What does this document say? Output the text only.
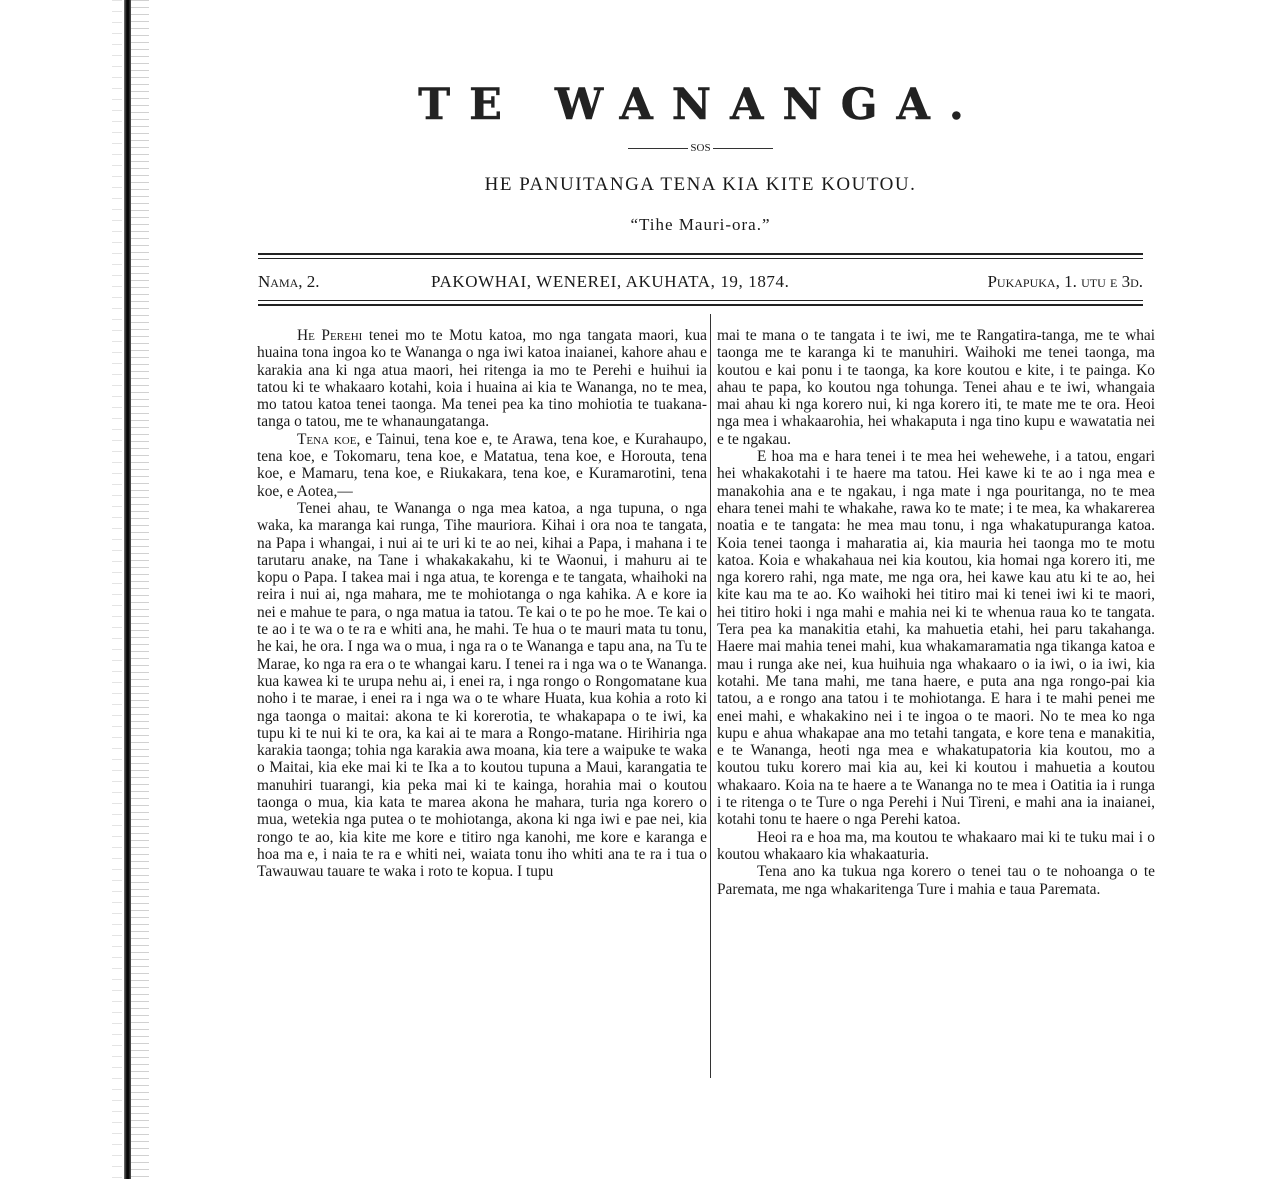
TE WANANGA.
SOS
HE PANUITANGA TENA KIA KITE KOUTOU.
“Tihe Mauri-ora.”
Nama, 2.	PAKOWHAI, WENEREI, AKUHATA, 19, 1874.	Pukapuka, 1. utu e 3d.

He Perehi tenei mo te Motu katoa, mo nga tangata maori, kua huaina tona ingoa ko te Wananga o nga iwi katoa inaianei, kahore ahau e karakia ana ki nga atua maori, hei ritenga ia mo te Perehi e huihui ia tatou ki te whakaaro kotahi, koia i huaina ai kia te Wananga, no te mea, mo tatou katoa tenei taonga. Ma tenei pea ka tino mohiotia te tuakana-tanga o tatou, me te whanaungatanga.

Tena koe, e Tainui, tena koe e, te Arawa, tena koe, e Kurahaupo, tena koe, e Tokomaru, tena koe, e Matatua, tena koe, e Horouta, tena koe, e Mamaru, tena koe, e Riukakara, tena koe, e Kuramarotini, tena koe, e Aotea,—

Tenei ahau, te Wananga o nga mea katoa, a nga tupuna, o nga waka, ka maranga kai runga, Tihe mauriora. Kihai i ora noa te tangata, na Papa i whangai, i nui ai te uri ki te ao nei, kihai a Papa, i mahana i te tarutaru anake, na Tane i whakakakahu, ki te Waonui, i mahuru ai te kopu o Papa. I takea mai i nga atua, te korenga e te tangata, whaihoki na reira i nui ai, nga mahara, me te mohiotanga o nga kahika. A e kore ia nei e mahue te para, o nga matua ia tatou. Te kai o te po he moe. Te kai o te ao i te wa o te ra e whiti ana, he mahi. Te hua o te mauri mata tu tonu, he kai, he ora. I nga wa o mua, i nga ra o te Wananga e tapu ana, na Tu te Marae, ko nga ra era o te whangai karu. I tenei ra i nga wa o te Wananga. kua kawea ki te urupa nehu ai, i enei ra, i nga rongo o Rongomatane kua noho i te marae, i enei ra i nga wa o te whare Huata, kua kohia a roto ki nga taonga o maitai: akona te ki korerotia, te whakapapa o te iwi, ka tupu ki te nui ki te ora, ka kai ai te mara a Rongo-matane. Hirihiria nga karakia taonga; tohia nga karakia awa moana, kia tere a waipuke te waka o Maitai, kia eke mai ki te Ika a to koutou tupuna a Maui, karangatia te manuhiri tuarangi, kia peka mai ki te kainga, horahia mai o koutou taonga o mua, kia kata te marea akona he mahara, turia nga korero o mua, wetekia nga putea o te mohiotanga, akona ki nga iwi e pae nei, kia rongo te ao, kia kite me kore e titiro nga kanohi, me kore e karanga e hoa ma e, i naia te ra e whiti nei, waiata tonu iho whiti ana te ra i tua o Tawauwau tauare te waka i roto te kopua. I tupu

mai te mana o te tangata i te iwi, me te Rangatira-tanga, me te whai taonga me te karanga ki te manuhiri. Waihoki me tenei taonga, ma koutou e kai ponu i te taonga, ka kore koutou e kite, i te painga. Ko ahau te papa, ko koutou nga tohunga. Tenei ahau e te iwi, whangaia mai ahau ki nga korero nui, ki nga korero iti, te mate me te ora. Heoi nga mea i whakaarohia, hei whakaputa i nga tino kupu e wawatatia nei e te ngakau.

E hoa ma e hara tenei i te mea hei wehewehe, i a tatou, engari hei whakakotahi i te haere ma tatou. Hei kawe ki te ao i nga mea e manakohia ana e te ngakau, i nga mate i nga pouritanga, no te mea ehara tenei mahi te whakahe, rawa ko te mate; i te mea, ka whakarerea noatia e te tangata: he mea mau tonu, i nga whakatupuranga katoa. Koia tenei taonga i maharatia ai, kia mauria hei taonga mo te motu katoa. Koia e whakahaua nei kia koutou, kia homai nga korero iti, me nga korero rahi, nga mate, me nga ora, hei kawe kau atu ki te ao, hei kite kau ma te ao. Ko waihoki hei titiro mai ki tenei iwi ki te maori, hei titiro hoki i nga mahi e mahia nei ki te whenua raua ko te tangata. Tera pea ka manakitia etahi, ka mahuetia etahi, hei paru takahanga. Haere mai mahia tenei mahi, kua whakamaramatia nga tikanga katoa e mau i runga ake nei, kua huihuia nga whakaaro o ia iwi, o ia iwi, kia kotahi. Me tana mahi, me tana haere, e puta ana nga rongo-pai kia tatou, a e rongo ana tatou i te mohiotanga. E hara i te mahi penei me enei mahi, e whakakino nei i te ingoa o te maori. No te mea ko nga kupu e ahua whakapae ana mo tetahi tangata, e kore tena e manakitia, e te Wananga, heoti nga mea e whakatupatoria kia koutou, mo a koutou tuku korero mai kia au, kei ki koutou i mahuetia a koutou whakaaro. Koia na te haere a te Wananga no te mea i Oatitia ia i runga i te ritenga o te Ture o nga Perehi i Nui Tireni, e mahi ana ia inaianei, kotahi tonu te haere o nga Perehi katoa.

Heoi ra e hoa ma, ma koutou te whakaaro mai ki te tuku mai i o koutou whakaaro kia whakaaturia.

Tena ano ka tukua nga korero o tenei tau o te nohoanga o te Paremata, me nga whakaritenga Ture i mahia e taua Paremata.
